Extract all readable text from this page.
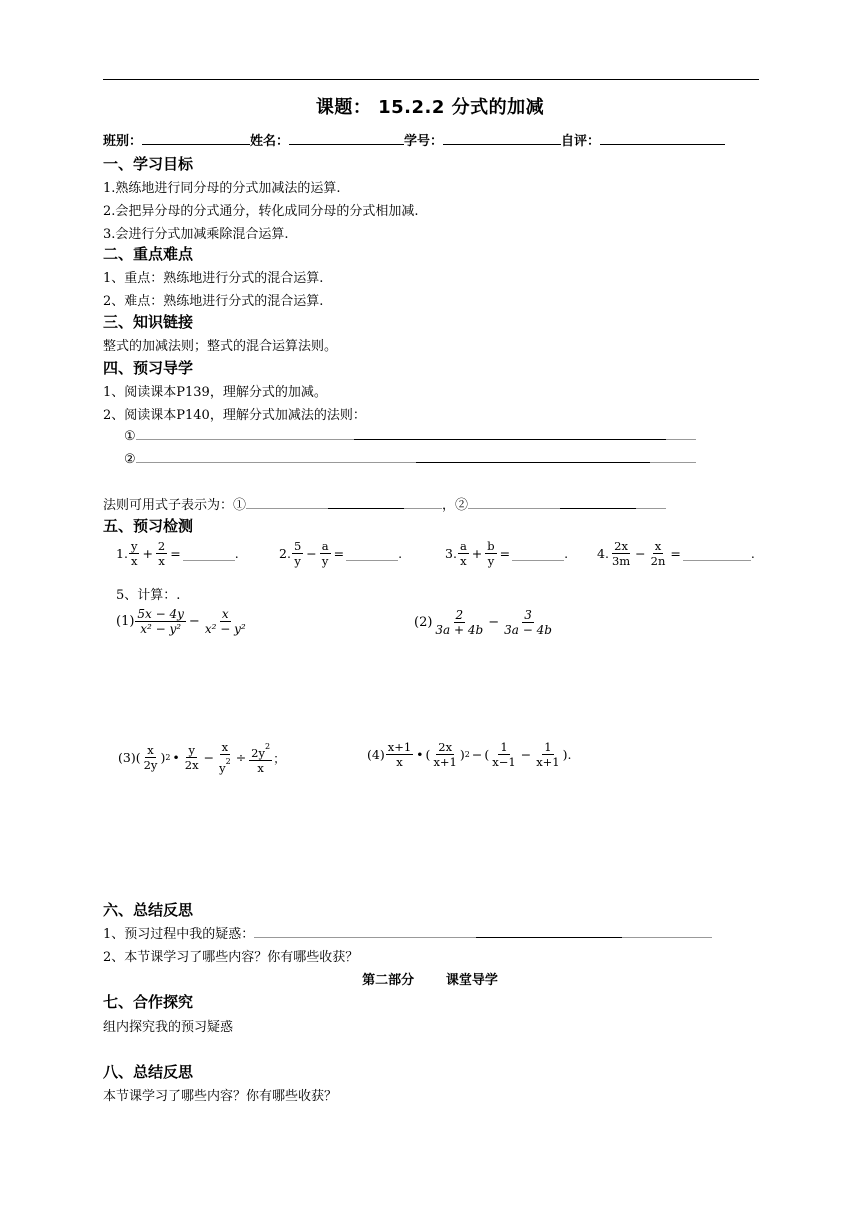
课题： 15.2.2 分式的加减
班别：	姓名：	学号：	自评：
一、学习目标
1.熟练地进行同分母的分式加减法的运算.
2.会把异分母的分式通分，转化成同分母的分式相加减.
3.会进行分式加减乘除混合运算.
二、重点难点
1、重点：熟练地进行分式的混合运算.
2、难点：熟练地进行分式的混合运算.
三、知识链接
整式的加减法则；整式的混合运算法则。
四、预习导学
1、阅读课本P139，理解分式的加减。
2、阅读课本P140，理解分式加减法的法则：
①
②
法则可用式子表示为：①	，②
五、预习检测
1. $\frac{y}{x} + \frac{2}{x}$ =	.	2. $\frac{5}{y} - \frac{a}{y}$ =	.	3. $\frac{a}{x} + \frac{b}{y}$ =	. 4. $\frac{2x}{3m} - \frac{x}{2n}$ =	.
5、计算：.
$(1) \frac{5x - 4y}{\text{x² − y²}} - \frac{x}{\text{x² − y²}}$	$(2) \frac{2}{3a + 4b} - \frac{3}{3a - 4b}$
(3) ( $\frac{x}{2y}$ ) 2 • $\frac{y}{2x} - \frac{x}{y^2} \div \frac{2y^2}{x}$ ；	$(4) \frac{x+1}{x}$ • ( $\frac{2x}{x+1}$ ) 2 − ( $\frac{1}{x-1} - \frac{1}{x+1}$ ) .
六、总结反思
1、预习过程中我的疑惑：
2、本节课学习了哪些内容？你有哪些收获？
第二部分       课堂导学
七、合作探究
组内探究我的预习疑惑
八、总结反思
本节课学习了哪些内容？你有哪些收获？
